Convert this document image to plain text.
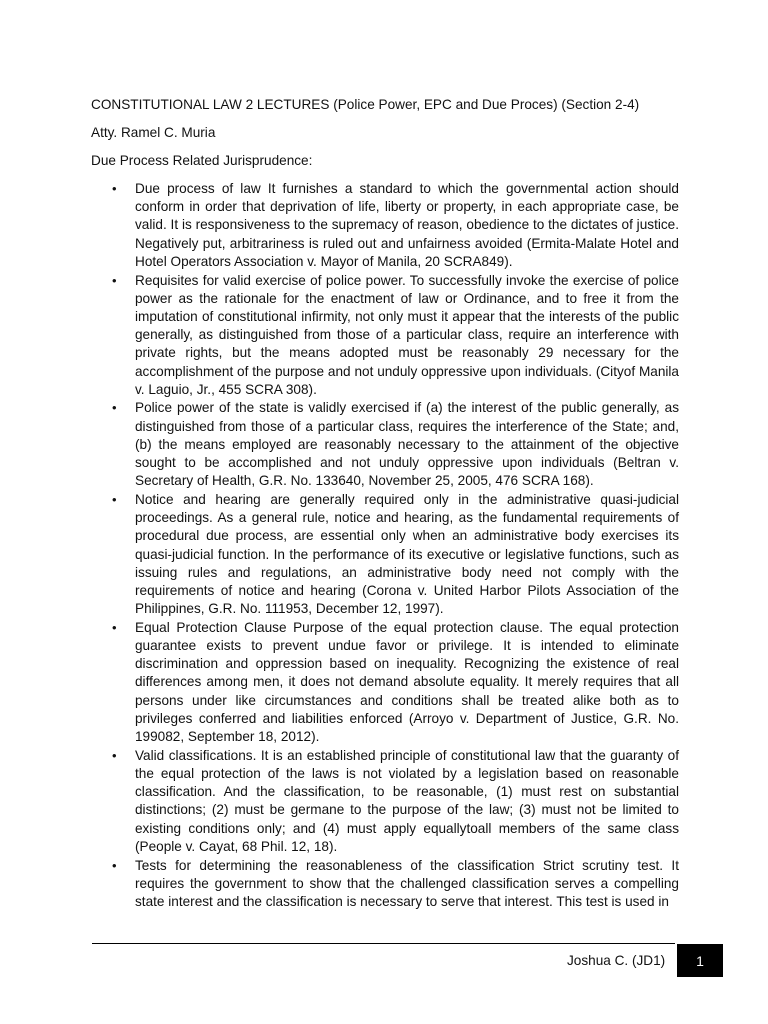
CONSTITUTIONAL LAW 2 LECTURES (Police Power, EPC and Due Proces) (Section 2-4)
Atty. Ramel C. Muria
Due Process Related Jurisprudence:
• Due process of law It furnishes a standard to which the governmental action should conform in order that deprivation of life, liberty or property, in each appropriate case, be valid. It is responsiveness to the supremacy of reason, obedience to the dictates of justice. Negatively put, arbitrariness is ruled out and unfairness avoided (Ermita-Malate Hotel and Hotel Operators Association v. Mayor of Manila, 20 SCRA849).
• Requisites for valid exercise of police power. To successfully invoke the exercise of police power as the rationale for the enactment of law or Ordinance, and to free it from the imputation of constitutional infirmity, not only must it appear that the interests of the public generally, as distinguished from those of a particular class, require an interference with private rights, but the means adopted must be reasonably 29 necessary for the accomplishment of the purpose and not unduly oppressive upon individuals. (Cityof Manila v. Laguio, Jr., 455 SCRA 308).
• Police power of the state is validly exercised if (a) the interest of the public generally, as distinguished from those of a particular class, requires the interference of the State; and, (b) the means employed are reasonably necessary to the attainment of the objective sought to be accomplished and not unduly oppressive upon individuals (Beltran v. Secretary of Health, G.R. No. 133640, November 25, 2005, 476 SCRA 168).
• Notice and hearing are generally required only in the administrative quasi-judicial proceedings. As a general rule, notice and hearing, as the fundamental requirements of procedural due process, are essential only when an administrative body exercises its quasi-judicial function. In the performance of its executive or legislative functions, such as issuing rules and regulations, an administrative body need not comply with the requirements of notice and hearing (Corona v. United Harbor Pilots Association of the Philippines, G.R. No. 111953, December 12, 1997).
• Equal Protection Clause Purpose of the equal protection clause. The equal protection guarantee exists to prevent undue favor or privilege. It is intended to eliminate discrimination and oppression based on inequality. Recognizing the existence of real differences among men, it does not demand absolute equality. It merely requires that all persons under like circumstances and conditions shall be treated alike both as to privileges conferred and liabilities enforced (Arroyo v. Department of Justice, G.R. No. 199082, September 18, 2012).
• Valid classifications. It is an established principle of constitutional law that the guaranty of the equal protection of the laws is not violated by a legislation based on reasonable classification. And the classification, to be reasonable, (1) must rest on substantial distinctions; (2) must be germane to the purpose of the law; (3) must not be limited to existing conditions only; and (4) must apply equallytoall members of the same class (People v. Cayat, 68 Phil. 12, 18).
• Tests for determining the reasonableness of the classification Strict scrutiny test. It requires the government to show that the challenged classification serves a compelling state interest and the classification is necessary to serve that interest. This test is used in
Joshua C. (JD1) 1
